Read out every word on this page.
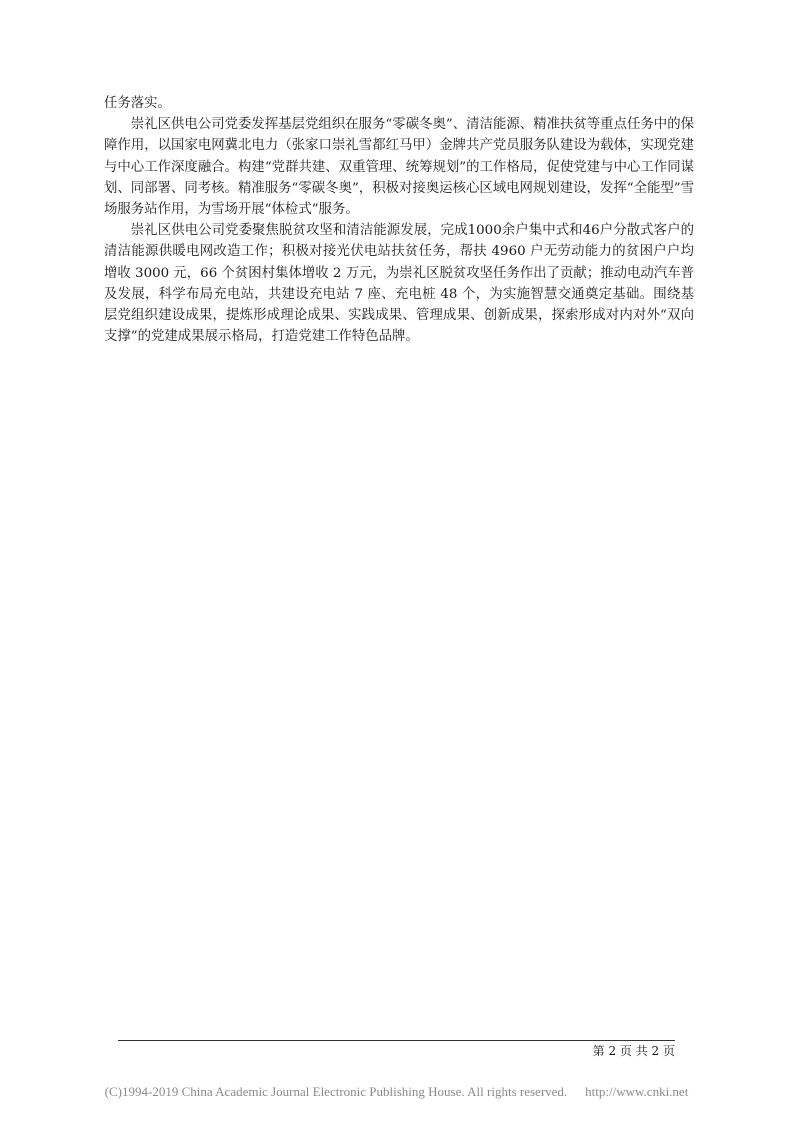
任务落实。

崇礼区供电公司党委发挥基层党组织在服务“零碳冬奥”、清洁能源、精准扶贫等重点任务中的保障作用，以国家电网冀北电力（张家口崇礼雪都红马甲）金牌共产党员服务队建设为载体，实现党建与中心工作深度融合。构建“党群共建、双重管理、统筹规划”的工作格局，促使党建与中心工作同谋划、同部署、同考核。精准服务“零碳冬奥”，积极对接奥运核心区域电网规划建设，发挥“全能型”雪场服务站作用，为雪场开展“体检式”服务。

崇礼区供电公司党委聚焦脱贫攻坚和清洁能源发展，完成1000余户集中式和46户分散式客户的清洁能源供暖电网改造工作；积极对接光伏电站扶贫任务，帮扶 4960 户无劳动能力的贫困户户均增收 3000 元，66 个贫困村集体增收 2 万元，为崇礼区脱贫攻坚任务作出了贡献；推动电动汽车普及发展，科学布局充电站，共建设充电站 7 座、充电桩 48 个，为实施智慧交通奠定基础。围绕基层党组织建设成果，提炼形成理论成果、实践成果、管理成果、创新成果，探索形成对内对外“双向支撑”的党建成果展示格局，打造党建工作特色品牌。

第 2 页 共 2 页
(C)1994-2019 China Academic Journal Electronic Publishing House. All rights reserved. http://www.cnki.net
